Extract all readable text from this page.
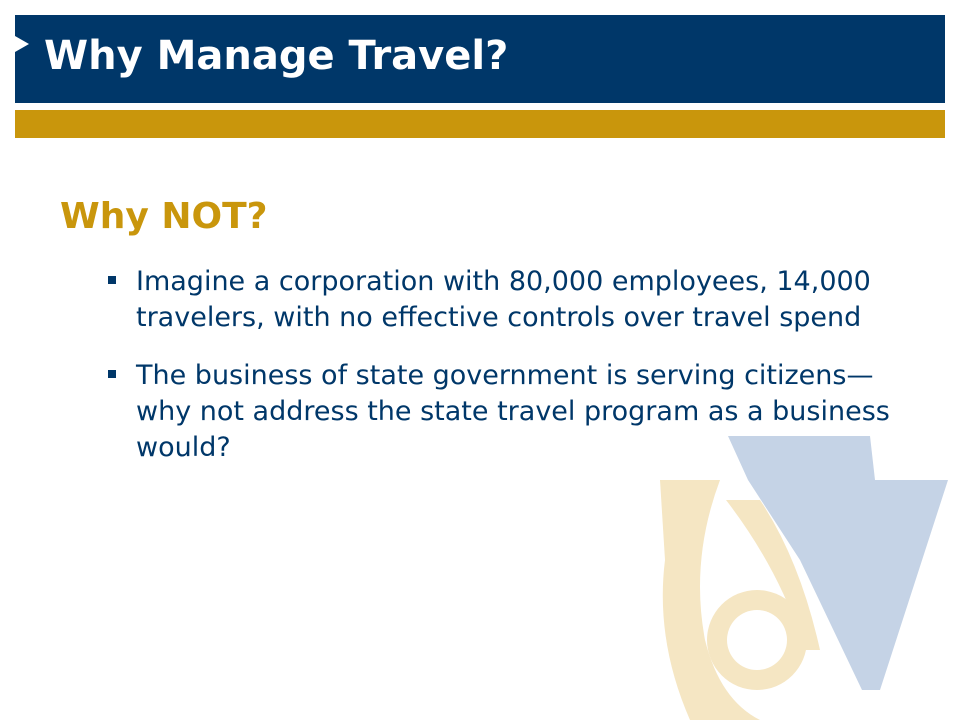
Why Manage Travel?
Why NOT?
Imagine a corporation with 80,000 employees, 14,000 travelers, with no effective controls over travel spend
The business of state government is serving citizens—why not address the state travel program as a business would?
